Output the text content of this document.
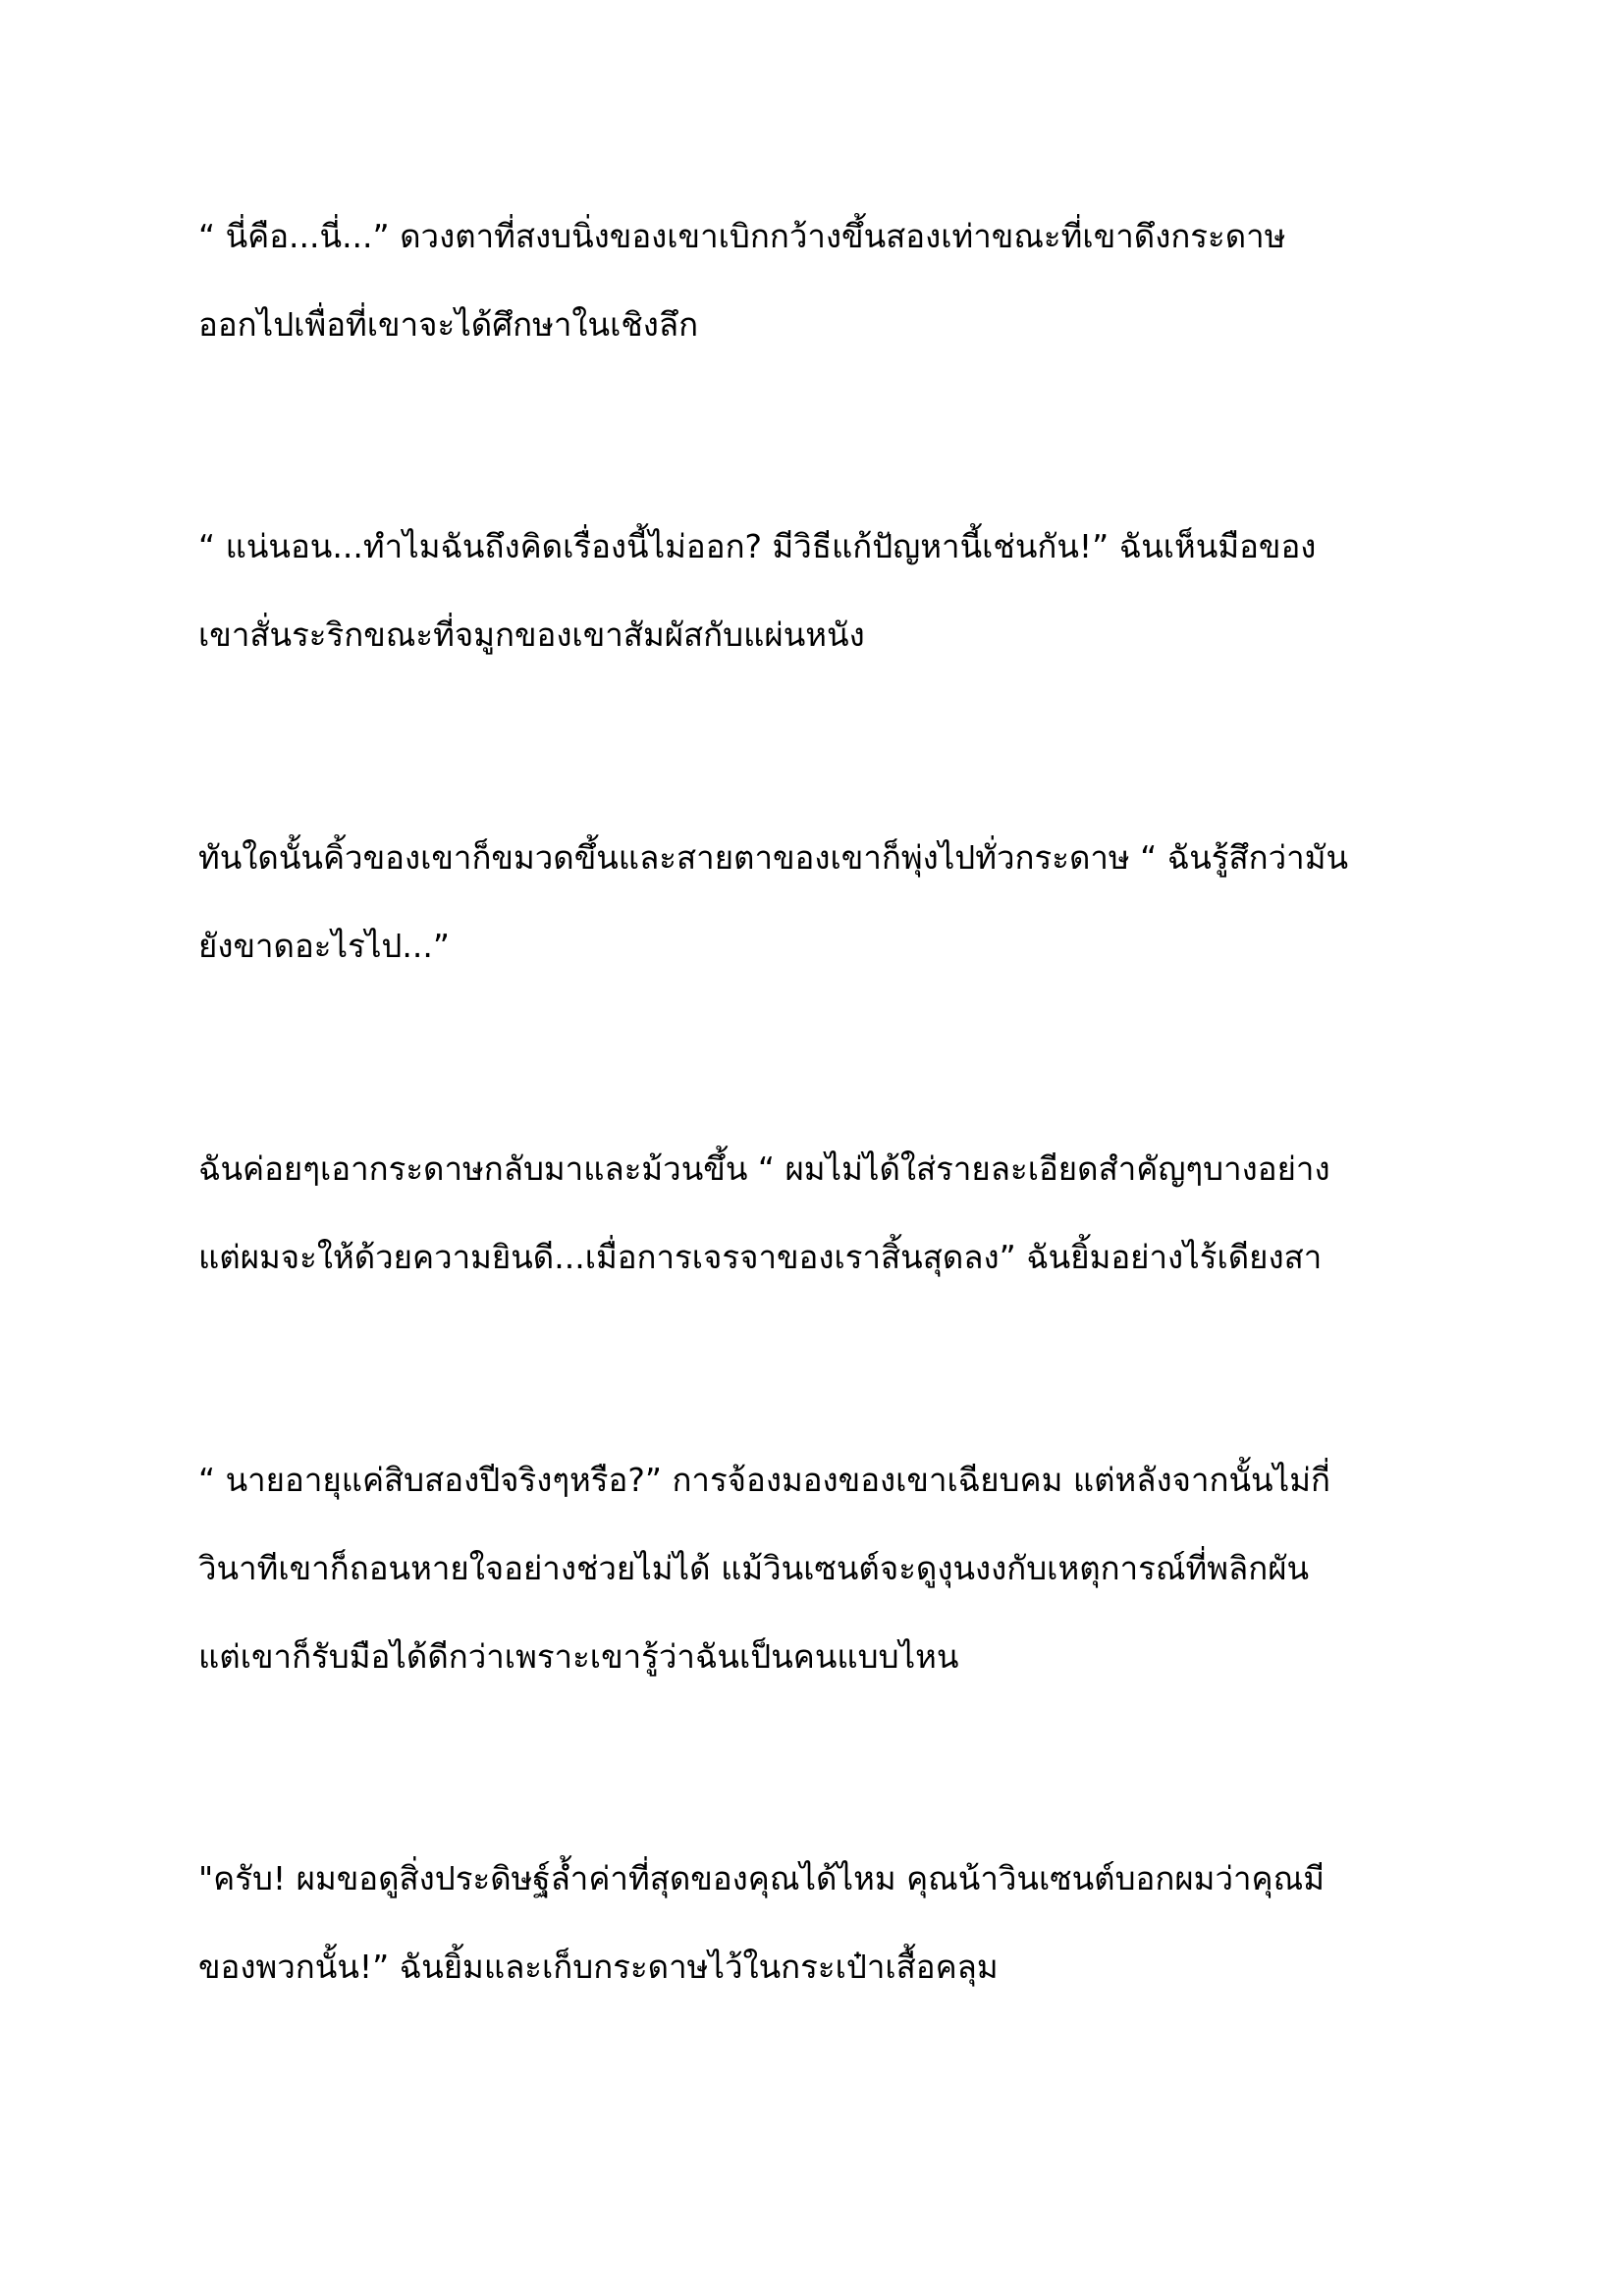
“ นี่คือ...นี่...” ดวงตาที่สงบนิ่งของเขาเบิกกว้างขึ้นสองเท่าขณะที่เขาดึงกระดาษ
ออกไปเพื่อที่เขาจะได้ศึกษาในเชิงลึก
“ แน่นอน...ทำไมฉันถึงคิดเรื่องนี้ไม่ออก? มีวิธีแก้ปัญหานี้เช่นกัน!” ฉันเห็นมือของ
เขาสั่นระริกขณะที่จมูกของเขาสัมผัสกับแผ่นหนัง
ทันใดนั้นคิ้วของเขาก็ขมวดขึ้นและสายตาของเขาก็พุ่งไปทั่วกระดาษ “ ฉันรู้สึกว่ามัน
ยังขาดอะไรไป...”
ฉันค่อยๆเอากระดาษกลับมาและม้วนขึ้น “ ผมไม่ได้ใส่รายละเอียดสำคัญๆบางอย่าง
แต่ผมจะให้ด้วยความยินดี...เมื่อการเจรจาของเราสิ้นสุดลง” ฉันยิ้มอย่างไร้เดียงสา
“ นายอายุแค่สิบสองปีจริงๆหรือ?” การจ้องมองของเขาเฉียบคม แต่หลังจากนั้นไม่กี่
วินาทีเขาก็ถอนหายใจอย่างช่วยไม่ได้ แม้วินเซนต์จะดูงุนงงกับเหตุการณ์ที่พลิกผัน
แต่เขาก็รับมือได้ดีกว่าเพราะเขารู้ว่าฉันเป็นคนแบบไหน
"ครับ! ผมขอดูสิ่งประดิษฐ์ล้ำค่าที่สุดของคุณได้ไหม คุณน้าวินเซนต์บอกผมว่าคุณมี
ของพวกนั้น!” ฉันยิ้มและเก็บกระดาษไว้ในกระเป๋าเสื้อคลุม
